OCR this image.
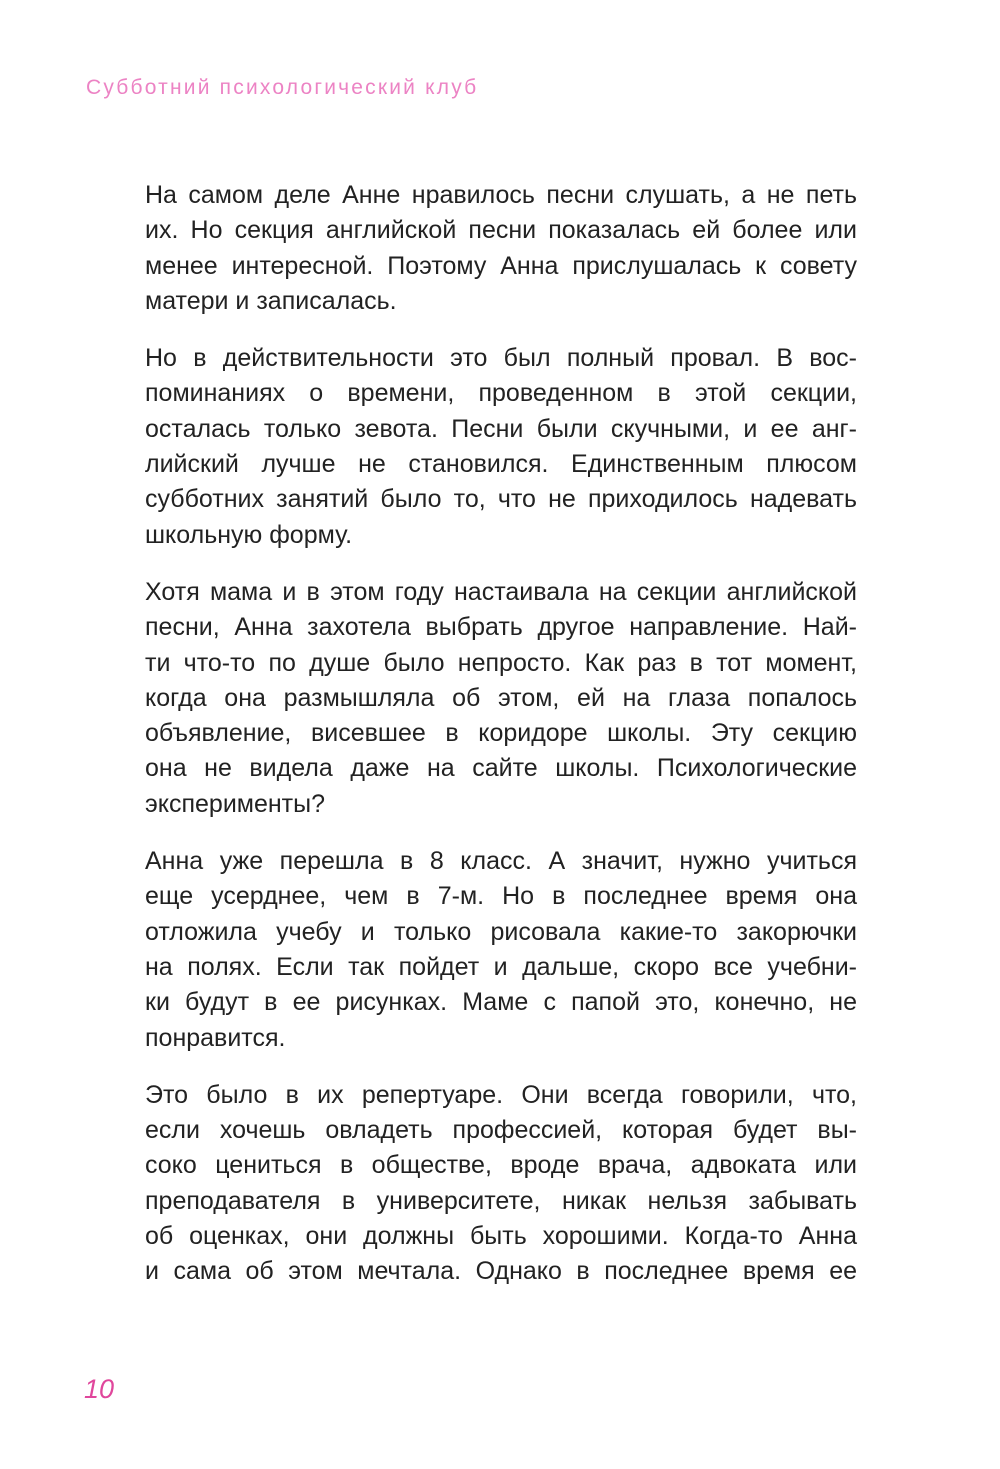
Субботний психологический клуб
На самом деле Анне нравилось песни слушать, а не петь
их. Но секция английской песни показалась ей более или
менее интересной. Поэтому Анна прислушалась к совету
матери и записалась.
Но в действительности это был полный провал. В вос-
поминаниях о времени, проведенном в этой секции,
осталась только зевота. Песни были скучными, и ее анг-
лийский лучше не становился. Единственным плюсом
субботних занятий было то, что не приходилось надевать
школьную форму.
Хотя мама и в этом году настаивала на секции английской
песни, Анна захотела выбрать другое направление. Най-
ти что-то по душе было непросто. Как раз в тот момент,
когда она размышляла об этом, ей на глаза попалось
объявление, висевшее в коридоре школы. Эту секцию
она не видела даже на сайте школы. Психологические
эксперименты?
Анна уже перешла в 8 класс. А значит, нужно учиться
еще усерднее, чем в 7-м. Но в последнее время она
отложила учебу и только рисовала какие-то закорючки
на полях. Если так пойдет и дальше, скоро все учебни-
ки будут в ее рисунках. Маме с папой это, конечно, не
понравится.
Это было в их репертуаре. Они всегда говорили, что,
если хочешь овладеть профессией, которая будет вы-
соко цениться в обществе, вроде врача, адвоката или
преподавателя в университете, никак нельзя забывать
об оценках, они должны быть хорошими. Когда-то Анна
и сама об этом мечтала. Однако в последнее время ее
10
